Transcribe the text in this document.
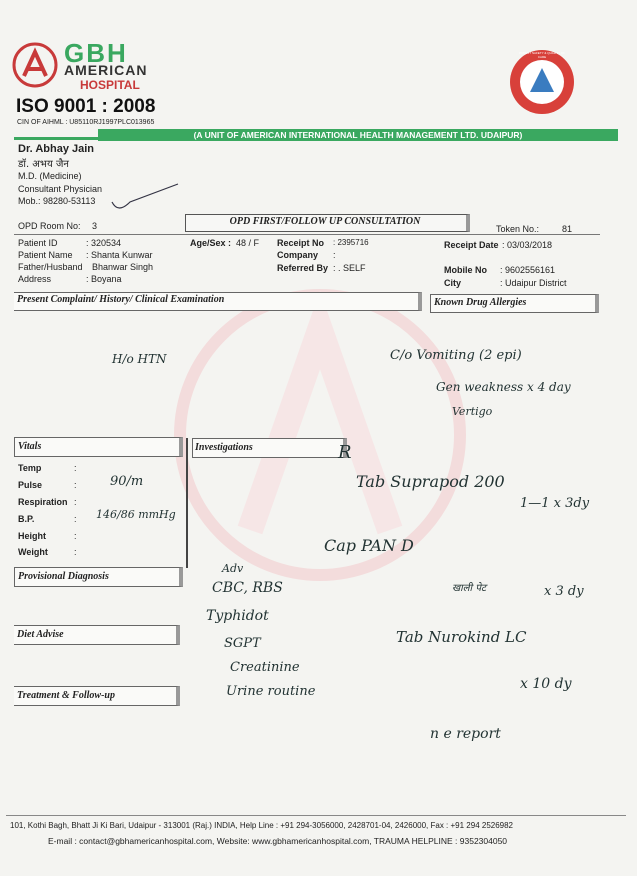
GBH
AMERICAN
HOSPITAL
ISO 9001 : 2008
CIN OF AIHML : U85110RJ1997PLC013965
PATIENT SAFETY & QUALITY OF CARE
NABH
(A UNIT OF AMERICAN INTERNATIONAL HEALTH MANAGEMENT LTD. UDAIPUR)
Dr. Abhay Jain
डॉ. अभय जैन
M.D. (Medicine)
Consultant Physician
Mob.: 98280-53113
OPD Room No: 3	OPD FIRST/FOLLOW UP CONSULTATION
Token No.:	81
Patient ID	: 320534
Patient Name : Shanta Kunwar
Father/Husband Bhanwar Singh
Address	: Boyana
Age/Sex : 48 / F Receipt No : 2395716
Company :
Referred By : . SELF
Receipt Date : 03/03/2018
Mobile No : 9602556161
City	: Udaipur District
Present Complaint/ History/ Clinical Examination	Known Drug Allergies
Vitals	Investigations
Provisional Diagnosis
Diet Advise
Treatment & Follow-up
Temp	:
Pulse	:	90/m
Respiration :
B.P.	: 146/86 mmHg
Height	:
Weight	:
H/o HTN	C/o Vomiting (2 epi)
Gen weakness x 4 day
Vertigo
R
Tab Suprapod 200
1—1 x 3dy
Cap PAN D
खाली पेट	x 3 dy
Tab Nurokind LC
x 10 dy
Adv
CBC, RBS
Typhidot
SGPT
Creatinine
Urine routine
n e report
101, Kothi Bagh, Bhatt Ji Ki Bari, Udaipur - 313001 (Raj.) INDIA, Help Line : +91 294-3056000, 2428701-04, 2426000, Fax : +91 294 2526982
E-mail : contact@gbhamericanhospital.com, Website: www.gbhamericanhospital.com, TRAUMA HELPLINE : 9352304050
